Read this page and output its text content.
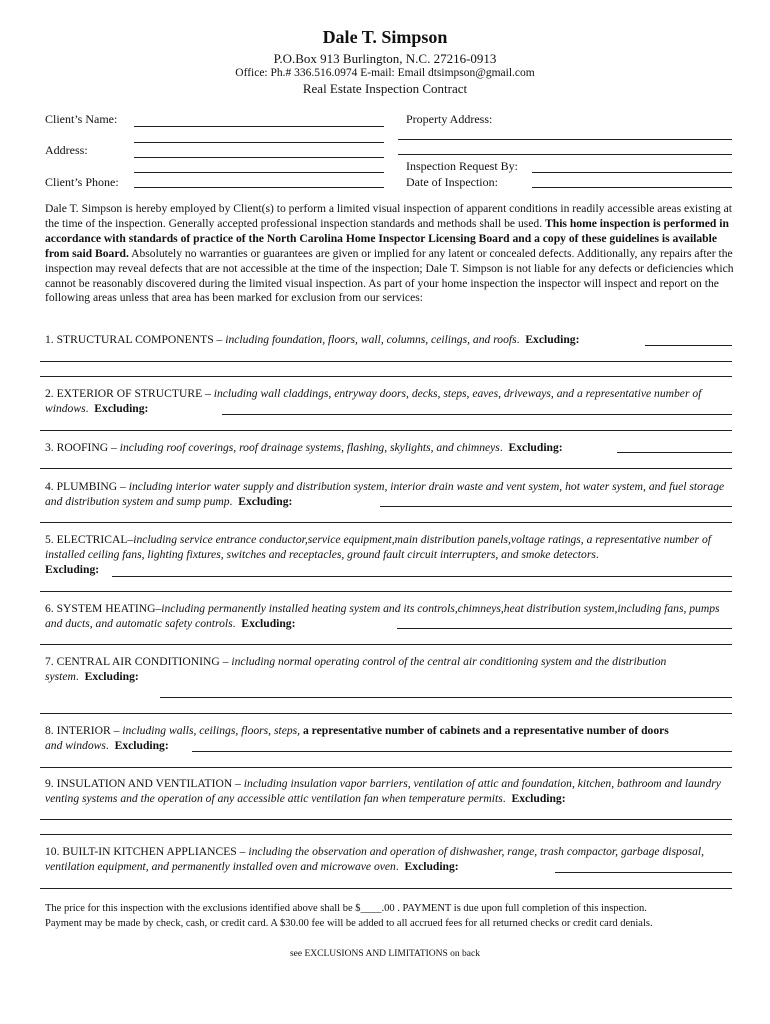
Dale T. Simpson
P.O.Box 913 Burlington, N.C. 27216-0913
Office: Ph.# 336.516.0974 E-mail: Email dtsimpson@gmail.com
Real Estate Inspection Contract
Client’s Name:	Property Address:
Address:
Inspection Request By:
Client’s Phone:	Date of Inspection:
Dale T. Simpson is hereby employed by Client(s) to perform a limited visual inspection of apparent conditions in readily accessible areas existing at the time of the inspection. Generally accepted professional inspection standards and methods shall be used. This home inspection is performed in accordance with standards of practice of the North Carolina Home Inspector Licensing Board and a copy of these guidelines is available from said Board. Absolutely no warranties or guarantees are given or implied for any latent or concealed defects. Additionally, any repairs after the inspection may reveal defects that are not accessible at the time of the inspection; Dale T. Simpson is not liable for any defects or deficiencies which cannot be reasonably discovered during the limited visual inspection. As part of your home inspection the inspector will inspect and report on the following areas unless that area has been marked for exclusion from our services:
1. STRUCTURAL COMPONENTS – including foundation, floors, wall, columns, ceilings, and roofs.  Excluding:
2. EXTERIOR OF STRUCTURE – including wall claddings, entryway doors, decks, steps, eaves, driveways, and a representative number of windows.  Excluding:
3. ROOFING – including roof coverings, roof drainage systems, flashing, skylights, and chimneys.  Excluding:
4. PLUMBING – including interior water supply and distribution system, interior drain waste and vent system, hot water system, and fuel storage and distribution system and sump pump.  Excluding:
5. ELECTRICAL–including service entrance conductor,service equipment,main distribution panels,voltage ratings, a representative number of installed ceiling fans, lighting fixtures, switches and receptacles, ground fault circuit interrupters, and smoke detectors.
Excluding:
6. SYSTEM HEATING–including permanently installed heating system and its controls,chimneys,heat distribution system,including fans, pumps and ducts, and automatic safety controls.  Excluding:
7. CENTRAL AIR CONDITIONING – including normal operating control of the central air conditioning system and the distribution
system.  Excluding:
8. INTERIOR – including walls, ceilings, floors, steps, a representative number of cabinets and a representative number of doors
and windows.  Excluding:
9. INSULATION AND VENTILATION – including insulation vapor barriers, ventilation of attic and foundation, kitchen, bathroom and laundry venting systems and the operation of any accessible attic ventilation fan when temperature permits.  Excluding:
10. BUILT-IN KITCHEN APPLIANCES – including the observation and operation of dishwasher, range, trash compactor, garbage disposal, ventilation equipment, and permanently installed oven and microwave oven.  Excluding:
The price for this inspection with the exclusions identified above shall be $____.00 . PAYMENT is due upon full completion of this inspection.
Payment may be made by check, cash, or credit card. A $30.00 fee will be added to all accrued fees for all returned checks or credit card denials.
see EXCLUSIONS AND LIMITATIONS on back
